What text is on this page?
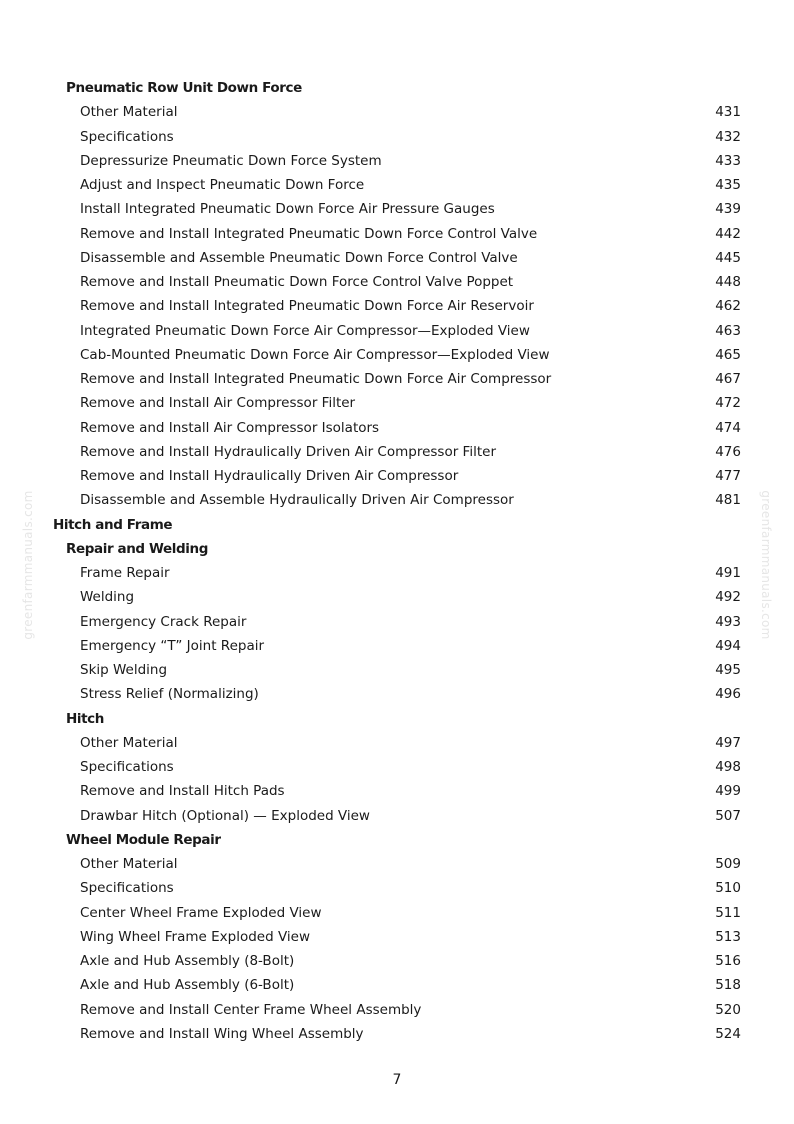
greenfarmmanuals.com	greenfarmmanuals.com
Pneumatic Row Unit Down Force
Other Material	431
Specifications	432
Depressurize Pneumatic Down Force System	433
Adjust and Inspect Pneumatic Down Force	435
Install Integrated Pneumatic Down Force Air Pressure Gauges	439
Remove and Install Integrated Pneumatic Down Force Control Valve	442
Disassemble and Assemble Pneumatic Down Force Control Valve	445
Remove and Install Pneumatic Down Force Control Valve Poppet	448
Remove and Install Integrated Pneumatic Down Force Air Reservoir	462
Integrated Pneumatic Down Force Air Compressor—Exploded View	463
Cab-Mounted Pneumatic Down Force Air Compressor—Exploded View	465
Remove and Install Integrated Pneumatic Down Force Air Compressor	467
Remove and Install Air Compressor Filter	472
Remove and Install Air Compressor Isolators	474
Remove and Install Hydraulically Driven Air Compressor Filter	476
Remove and Install Hydraulically Driven Air Compressor	477
Disassemble and Assemble Hydraulically Driven Air Compressor	481
Hitch and Frame
Repair and Welding
Frame Repair	491
Welding	492
Emergency Crack Repair	493
Emergency “T” Joint Repair	494
Skip Welding	495
Stress Relief (Normalizing)	496
Hitch
Other Material	497
Specifications	498
Remove and Install Hitch Pads	499
Drawbar Hitch (Optional) — Exploded View	507
Wheel Module Repair
Other Material	509
Specifications	510
Center Wheel Frame Exploded View	511
Wing Wheel Frame Exploded View	513
Axle and Hub Assembly (8-Bolt)	516
Axle and Hub Assembly (6-Bolt)	518
Remove and Install Center Frame Wheel Assembly	520
Remove and Install Wing Wheel Assembly	524
7
